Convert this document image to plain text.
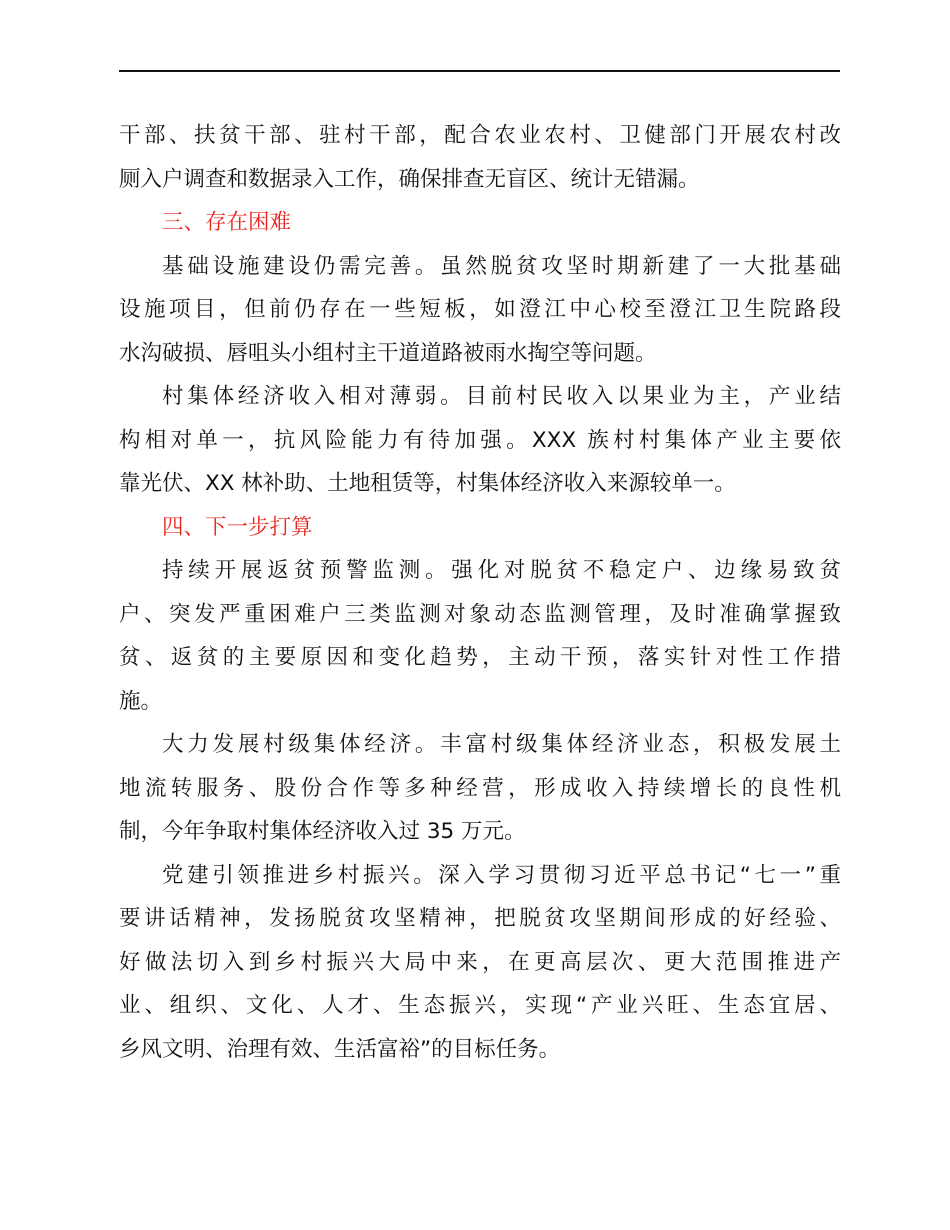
干部、扶贫干部、驻村干部，配合农业农村、卫健部门开展农村改
厕入户调查和数据录入工作，确保排查无盲区、统计无错漏。
三、存在困难
基础设施建设仍需完善。虽然脱贫攻坚时期新建了一大批基础
设施项目，但前仍存在一些短板，如澄江中心校至澄江卫生院路段
水沟破损、唇咀头小组村主干道道路被雨水掏空等问题。
村集体经济收入相对薄弱。目前村民收入以果业为主，产业结
构相对单一，抗风险能力有待加强。XXX 族村村集体产业主要依
靠光伏、XX 林补助、土地租赁等，村集体经济收入来源较单一。
四、下一步打算
持续开展返贫预警监测。强化对脱贫不稳定户、边缘易致贫
户、突发严重困难户三类监测对象动态监测管理，及时准确掌握致
贫、返贫的主要原因和变化趋势，主动干预，落实针对性工作措
施。
大力发展村级集体经济。丰富村级集体经济业态，积极发展土
地流转服务、股份合作等多种经营，形成收入持续增长的良性机
制，今年争取村集体经济收入过 35 万元。
党建引领推进乡村振兴。深入学习贯彻习近平总书记“七一”重
要讲话精神，发扬脱贫攻坚精神，把脱贫攻坚期间形成的好经验、
好做法切入到乡村振兴大局中来，在更高层次、更大范围推进产
业、组织、文化、人才、生态振兴，实现“产业兴旺、生态宜居、
乡风文明、治理有效、生活富裕”的目标任务。
